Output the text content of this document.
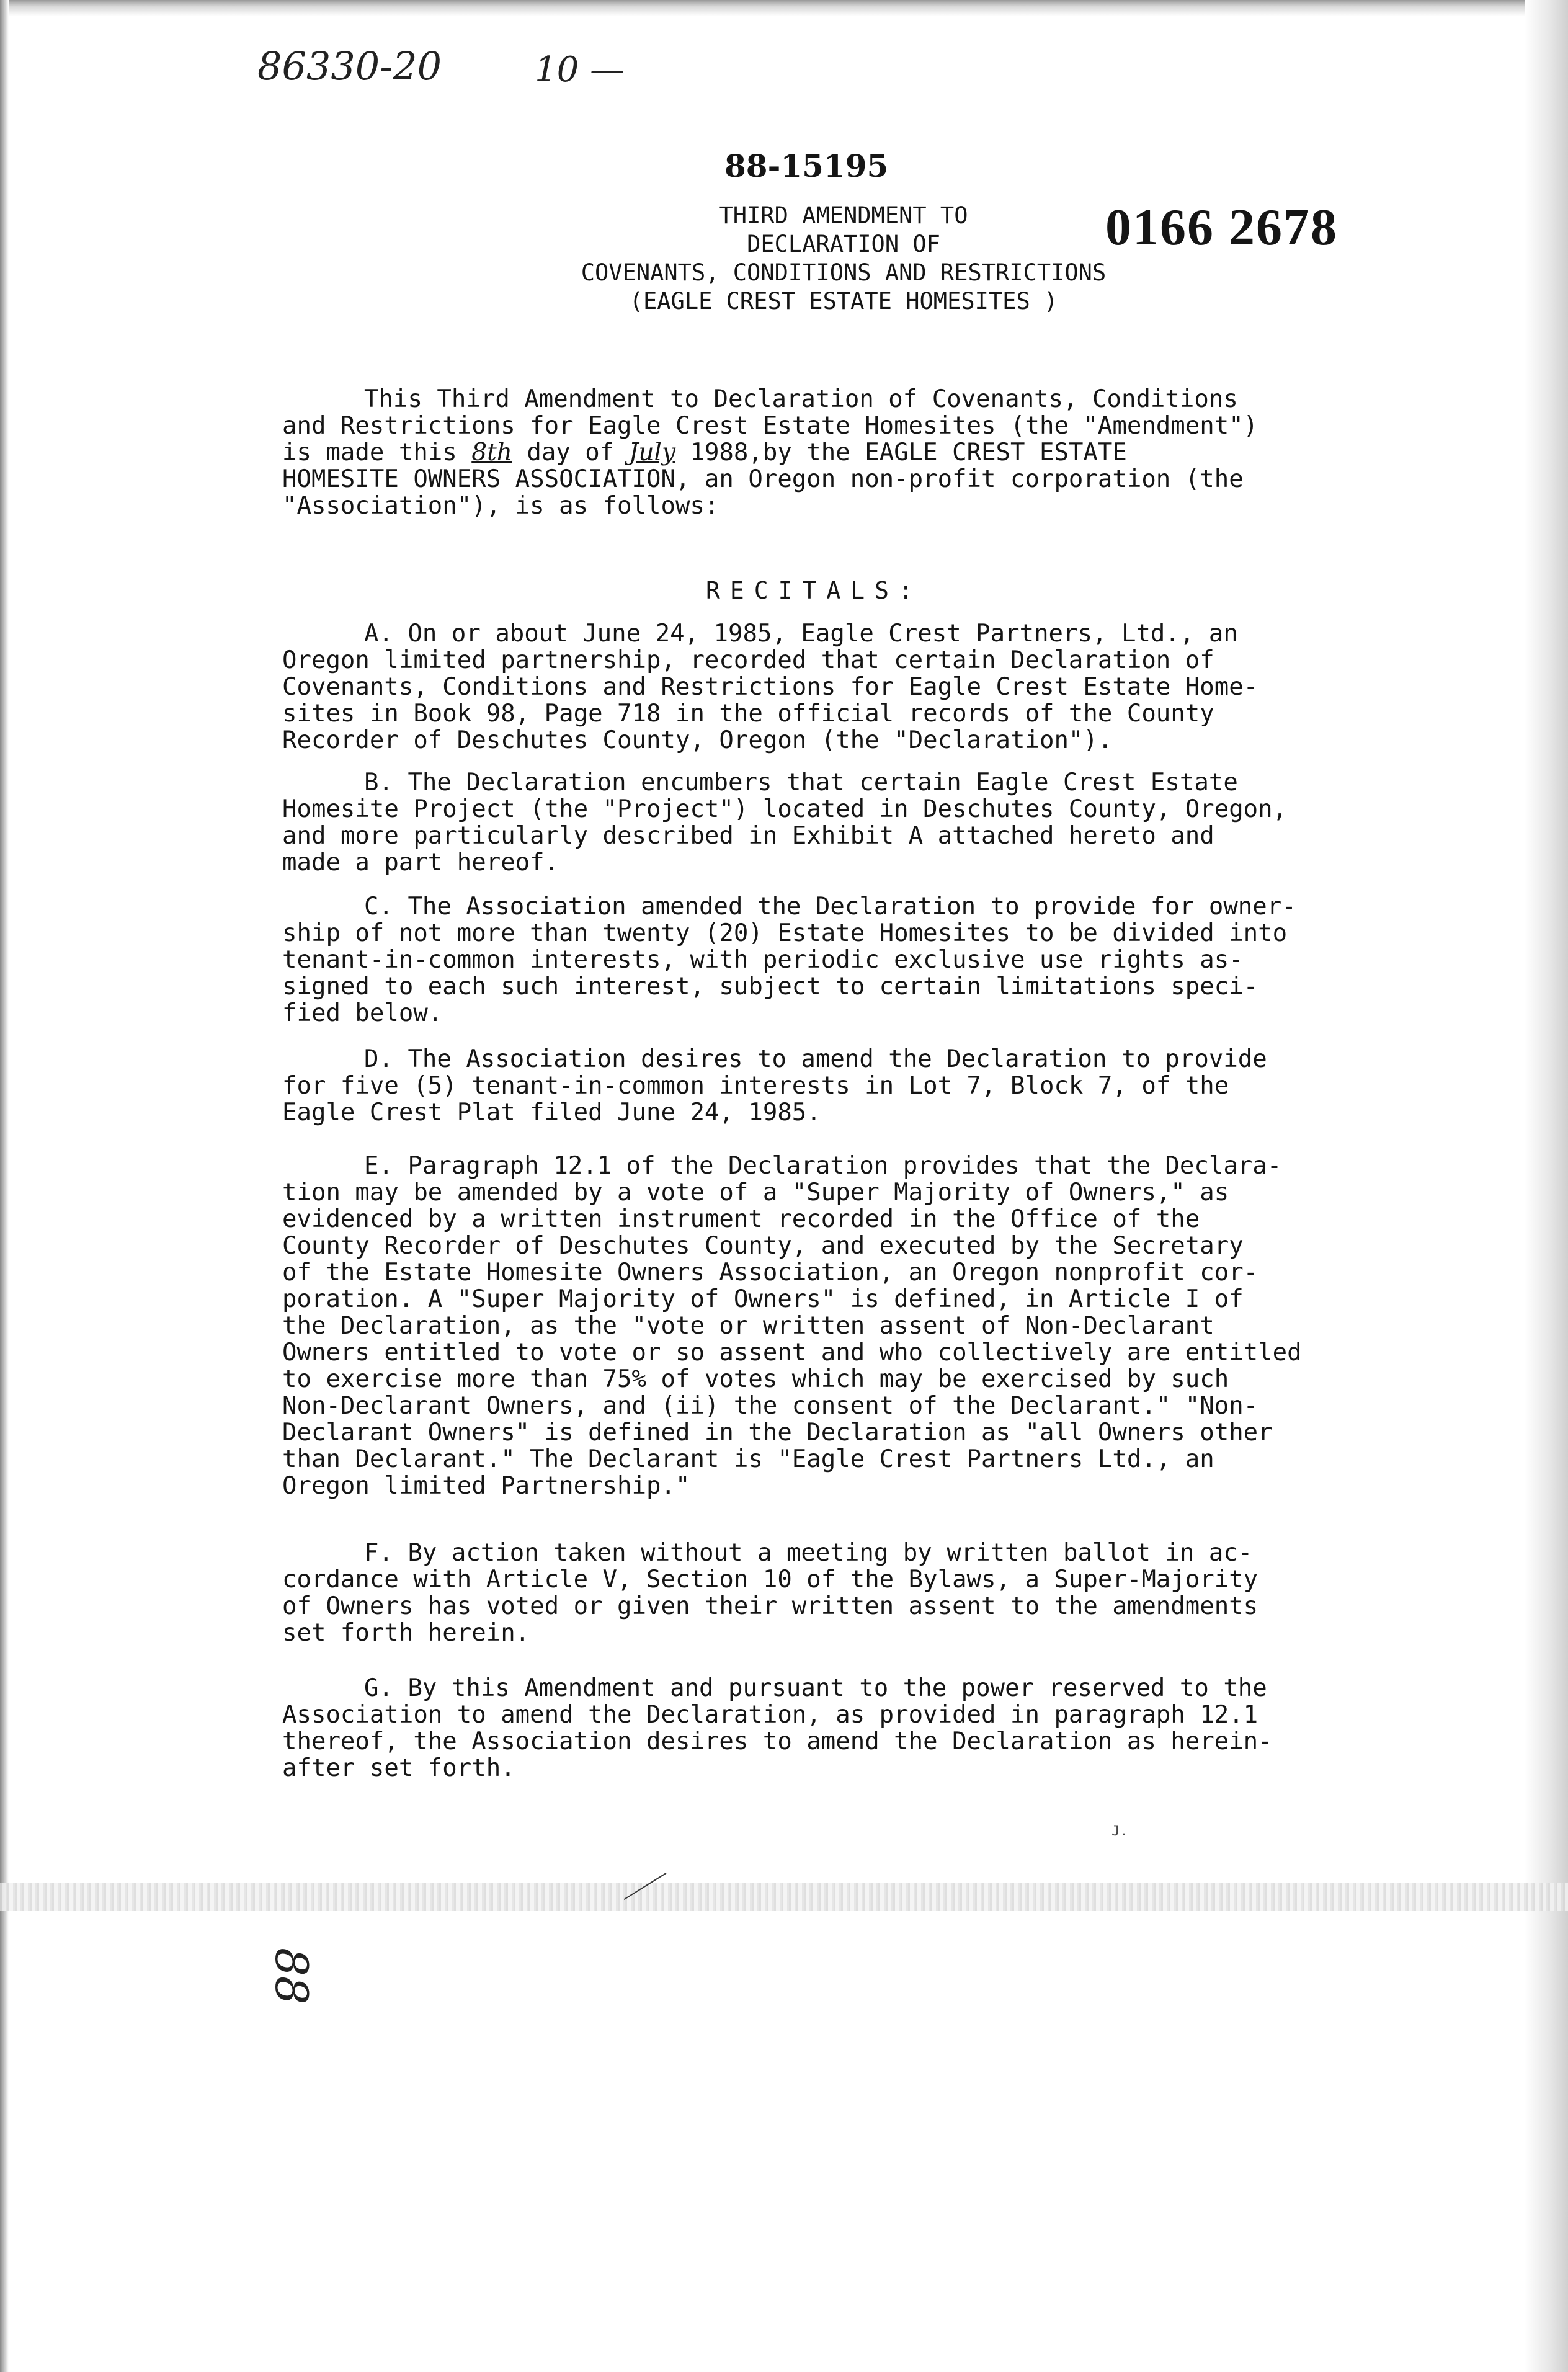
86330-20	10 —
88-15195
0166 2678
THIRD AMENDMENT TO
DECLARATION OF
COVENANTS, CONDITIONS AND RESTRICTIONS
(EAGLE CREST ESTATE HOMESITES )
This Third Amendment to Declaration of Covenants, Conditions
and Restrictions for Eagle Crest Estate Homesites (the "Amendment")
is made this 8th day of July 1988,by the EAGLE CREST ESTATE
HOMESITE OWNERS ASSOCIATION, an Oregon non-profit corporation (the
"Association"), is as follows:
RECITALS:
A. On or about June 24, 1985, Eagle Crest Partners, Ltd., an
Oregon limited partnership, recorded that certain Declaration of
Covenants, Conditions and Restrictions for Eagle Crest Estate Home-
sites in Book 98, Page 718 in the official records of the County
Recorder of Deschutes County, Oregon (the "Declaration").
B. The Declaration encumbers that certain Eagle Crest Estate
Homesite Project (the "Project") located in Deschutes County, Oregon,
and more particularly described in Exhibit A attached hereto and
made a part hereof.
C. The Association amended the Declaration to provide for owner-
ship of not more than twenty (20) Estate Homesites to be divided into
tenant-in-common interests, with periodic exclusive use rights as-
signed to each such interest, subject to certain limitations speci-
fied below.
D. The Association desires to amend the Declaration to provide
for five (5) tenant-in-common interests in Lot 7, Block 7, of the
Eagle Crest Plat filed June 24, 1985.
E. Paragraph 12.1 of the Declaration provides that the Declara-
tion may be amended by a vote of a "Super Majority of Owners," as
evidenced by a written instrument recorded in the Office of the
County Recorder of Deschutes County, and executed by the Secretary
of the Estate Homesite Owners Association, an Oregon nonprofit cor-
poration. A "Super Majority of Owners" is defined, in Article I of
the Declaration, as the "vote or written assent of Non-Declarant
Owners entitled to vote or so assent and who collectively are entitled
to exercise more than 75% of votes which may be exercised by such
Non-Declarant Owners, and (ii) the consent of the Declarant." "Non-
Declarant Owners" is defined in the Declaration as "all Owners other
than Declarant." The Declarant is "Eagle Crest Partners Ltd., an
Oregon limited Partnership."
F. By action taken without a meeting by written ballot in ac-
cordance with Article V, Section 10 of the Bylaws, a Super-Majority
of Owners has voted or given their written assent to the amendments
set forth herein.
G. By this Amendment and pursuant to the power reserved to the
Association to amend the Declaration, as provided in paragraph 12.1
thereof, the Association desires to amend the Declaration as herein-
after set forth.
J.
88
